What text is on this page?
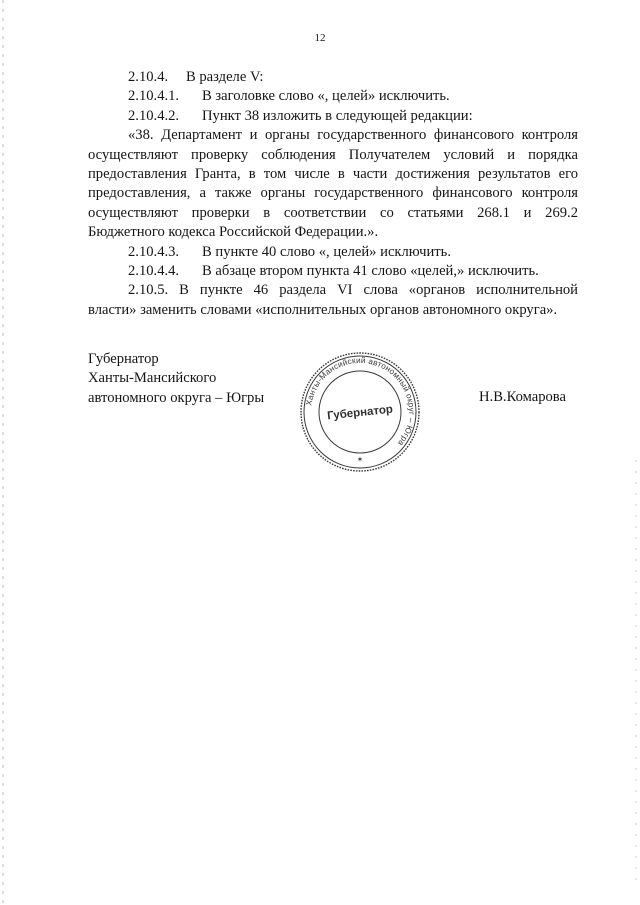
12

2.10.4. В разделе V:

2.10.4.1. В заголовке слово «, целей» исключить.

2.10.4.2. Пункт 38 изложить в следующей редакции:

«38. Департамент и органы государственного финансового контроля

осуществляют проверку соблюдения Получателем условий и порядка

предоставления Гранта, в том числе в части достижения результатов его

предоставления, а также органы государственного финансового контроля

осуществляют проверки в соответствии со статьями 268.1 и 269.2

Бюджетного кодекса Российской Федерации.».

2.10.4.3. В пункте 40 слово «, целей» исключить.

2.10.4.4. В абзаце втором пункта 41 слово «целей,» исключить.

2.10.5. В пункте 46 раздела VI слова «органов исполнительной

власти» заменить словами «исполнительных органов автономного округа».

Губернатор
Ханты-Мансийского
автономного округа – Югры	Ханты-Мансийский автономный округ – Югра
Губернатор
✶
Н.В.Комарова
